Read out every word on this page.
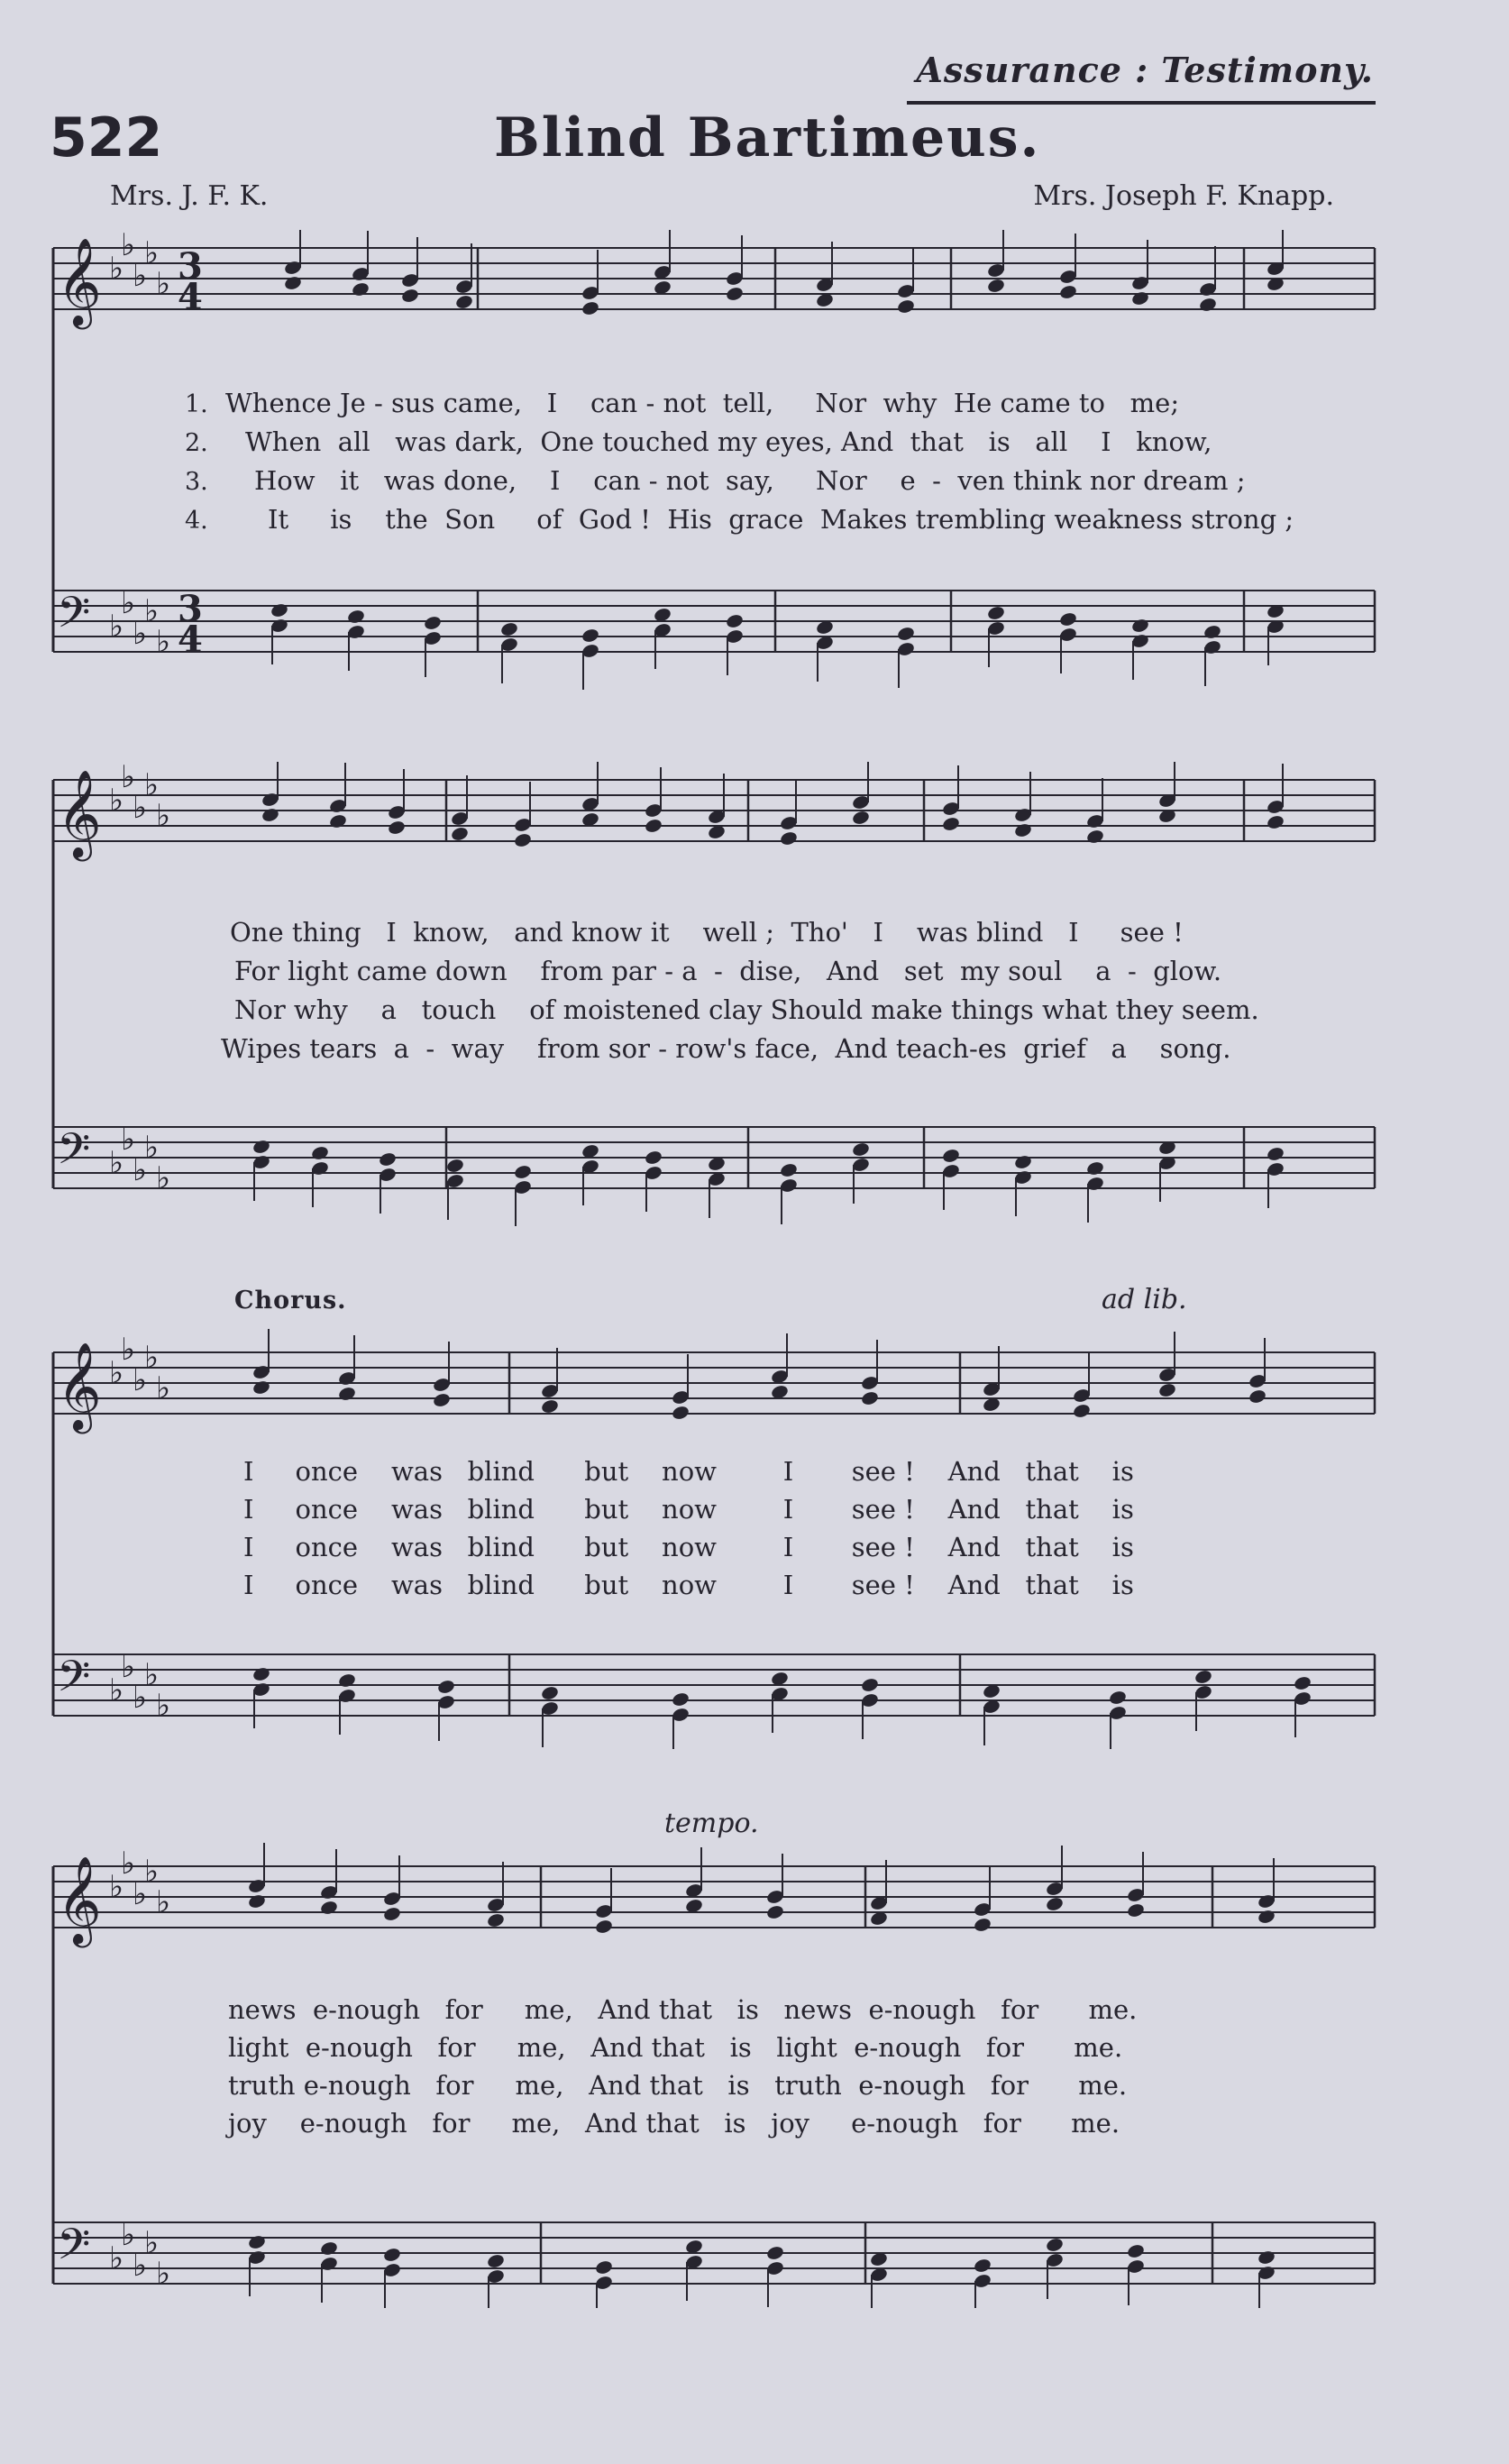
Assurance : Testimony.
522	Blind Bartimeus.
Mrs. J. F. K.	Mrs. Joseph F. Knapp.
𝄞 ♭
♭
♭
♭
♭ 3
4
𝄢 ♭
♭
♭
♭
♭
3
4
1.
2.
3.
4.
Whence Je - sus came,   I    can - not  tell,     Nor  why  He came to   me;
When  all   was dark,  One touched my eyes, And  that   is   all    I   know,
How   it   was done,    I    can - not  say,     Nor    e  -  ven think nor dream ;
It     is    the  Son     of  God !  His  grace  Makes trembling weakness strong ;
𝄞 ♭
♭
♭
♭
♭
𝄢 ♭
♭
♭
♭
♭
One thing   I  know,   and know it    well ;  Tho'   I    was blind   I     see !
For light came down    from par - a  -  dise,   And   set  my soul    a  -  glow.
Nor why    a   touch    of moistened clay Should make things what they seem.
Wipes tears  a  -  way    from sor - row's face,  And teach-es  grief   a    song.
Chorus.	ad lib.
𝄞 ♭
♭
♭
♭
♭
𝄢 ♭
♭
♭
♭
♭
I     once    was   blind      but    now        I       see !    And   that    is
I     once    was   blind      but    now        I       see !    And   that    is
I     once    was   blind      but    now        I       see !    And   that    is
I     once    was   blind      but    now        I       see !    And   that    is
tempo.
𝄞 ♭
♭
♭
♭
♭
𝄢 ♭
♭
♭
♭
♭
news  e-nough   for     me,   And that   is   news  e-nough   for      me.
light  e-nough   for     me,   And that   is   light  e-nough   for      me.
truth e-nough   for     me,   And that   is   truth  e-nough   for      me.
joy    e-nough   for     me,   And that   is   joy     e-nough   for      me.
